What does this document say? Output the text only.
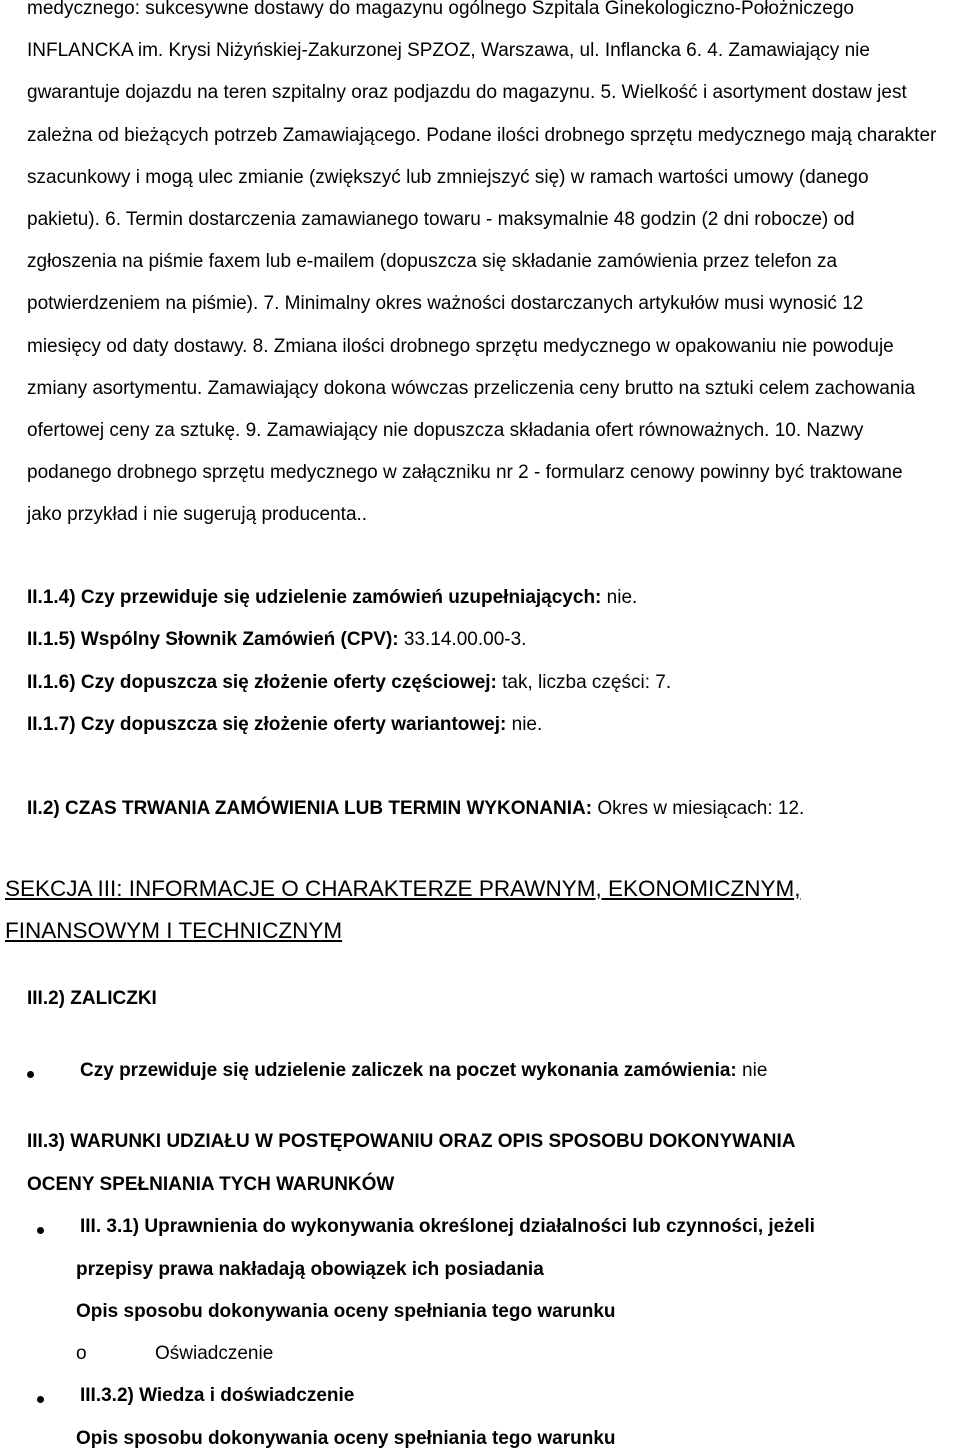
medycznego: sukcesywne dostawy do magazynu ogólnego Szpitala Ginekologiczno-Położniczego INFLANCKA im. Krysi Niżyńskiej-Zakurzonej SPZOZ, Warszawa, ul. Inflancka 6. 4. Zamawiający nie gwarantuje dojazdu na teren szpitalny oraz podjazdu do magazynu. 5. Wielkość i asortyment dostaw jest zależna od bieżących potrzeb Zamawiającego. Podane ilości drobnego sprzętu medycznego mają charakter szacunkowy i mogą ulec zmianie (zwiększyć lub zmniejszyć się) w ramach wartości umowy (danego pakietu). 6. Termin dostarczenia zamawianego towaru - maksymalnie 48 godzin (2 dni robocze) od zgłoszenia na piśmie faxem lub e-mailem (dopuszcza się składanie zamówienia przez telefon za potwierdzeniem na piśmie). 7. Minimalny okres ważności dostarczanych artykułów musi wynosić 12 miesięcy od daty dostawy. 8. Zmiana ilości drobnego sprzętu medycznego w opakowaniu nie powoduje zmiany asortymentu. Zamawiający dokona wówczas przeliczenia ceny brutto na sztuki celem zachowania ofertowej ceny za sztukę. 9. Zamawiający nie dopuszcza składania ofert równoważnych. 10. Nazwy podanego drobnego sprzętu medycznego w załączniku nr 2 - formularz cenowy powinny być traktowane jako przykład i nie sugerują producenta..

II.1.4) Czy przewiduje się udzielenie zamówień uzupełniających: nie.

II.1.5) Wspólny Słownik Zamówień (CPV): 33.14.00.00-3.

II.1.6) Czy dopuszcza się złożenie oferty częściowej: tak, liczba części: 7.

II.1.7) Czy dopuszcza się złożenie oferty wariantowej: nie.

II.2) CZAS TRWANIA ZAMÓWIENIA LUB TERMIN WYKONANIA: Okres w miesiącach: 12.

SEKCJA III: INFORMACJE O CHARAKTERZE PRAWNYM, EKONOMICZNYM, FINANSOWYM I TECHNICZNYM

III.2) ZALICZKI

Czy przewiduje się udzielenie zaliczek na poczet wykonania zamówienia: nie

III.3) WARUNKI UDZIAŁU W POSTĘPOWANIU ORAZ OPIS SPOSOBU DOKONYWANIA

OCENY SPEŁNIANIA TYCH WARUNKÓW

III. 3.1) Uprawnienia do wykonywania określonej działalności lub czynności, jeżeli

przepisy prawa nakładają obowiązek ich posiadania

Opis sposobu dokonywania oceny spełniania tego warunku

o	Oświadczenie

III.3.2) Wiedza i doświadczenie

Opis sposobu dokonywania oceny spełniania tego warunku
